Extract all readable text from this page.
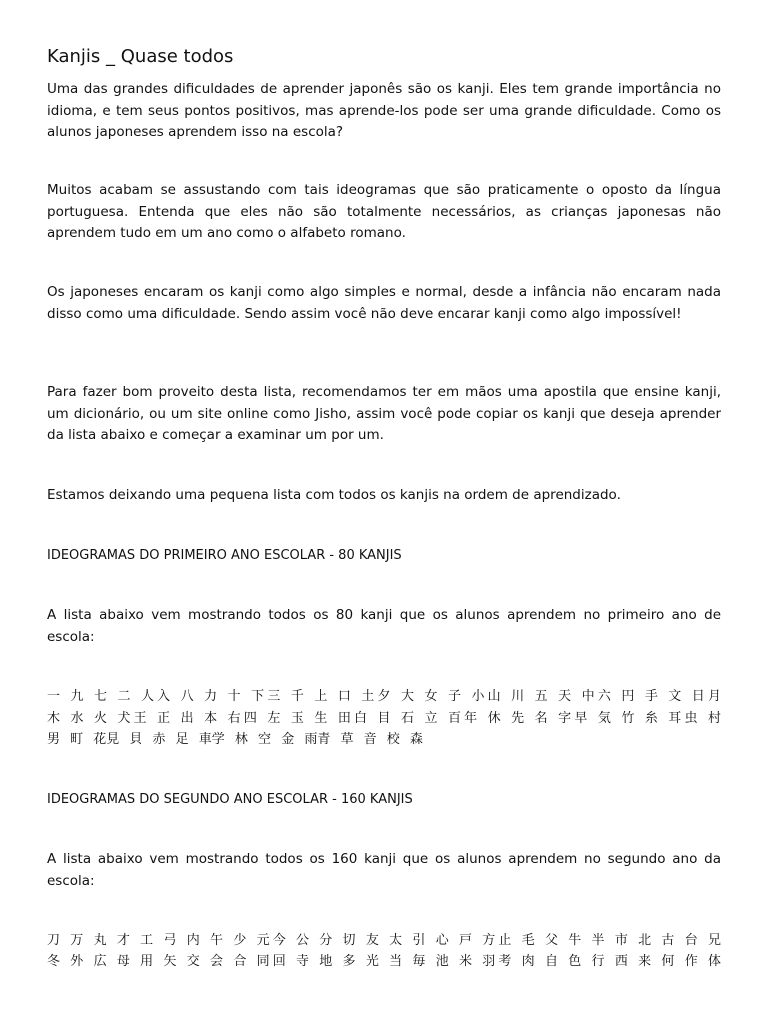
Kanjis _ Quase todos

Uma das grandes dificuldades de aprender japonês são os kanji. Eles tem grande importância no idioma, e tem seus pontos positivos, mas aprende-los pode ser uma grande dificuldade. Como os alunos japoneses aprendem isso na escola?

Muitos acabam se assustando com tais ideogramas que são praticamente o oposto da língua portuguesa. Entenda que eles não são totalmente necessários, as crianças japonesas não aprendem tudo em um ano como o alfabeto romano.

Os japoneses encaram os kanji como algo simples e normal, desde a infância não encaram nada disso como uma dificuldade. Sendo assim você não deve encarar kanji como algo impossível!

Para fazer bom proveito desta lista, recomendamos ter em mãos uma apostila que ensine kanji, um dicionário, ou um site online como Jisho, assim você pode copiar os kanji que deseja aprender da lista abaixo e começar a examinar um por um.

Estamos deixando uma pequena lista com todos os kanjis na ordem de aprendizado.

IDEOGRAMAS DO PRIMEIRO ANO ESCOLAR - 80 KANJIS

A lista abaixo vem mostrando todos os 80 kanji que os alunos aprendem no primeiro ano de escola:

一 九 七 二 人入 八 力 十 下三 千 上 口 土夕 大 女 子 小山 川 五 天 中六 円 手 文 日月

木 水 火 犬王 正 出 本 右四 左 玉 生 田白 目 石 立 百年 休 先 名 字早 気 竹 糸 耳虫 村

男 町 花見 貝 赤 足 車学 林 空 金 雨青 草 音 校 森

IDEOGRAMAS DO SEGUNDO ANO ESCOLAR - 160 KANJIS

A lista abaixo vem mostrando todos os 160 kanji que os alunos aprendem no segundo ano da escola:

刀 万 丸 才 工 弓 内 午 少 元今 公 分 切 友 太 引 心 戸 方止 毛 父 牛 半 市 北 古 台 兄

冬 外 広 母 用 矢 交 会 合 同回 寺 地 多 光 当 毎 池 米 羽考 肉 自 色 行 西 来 何 作 体
